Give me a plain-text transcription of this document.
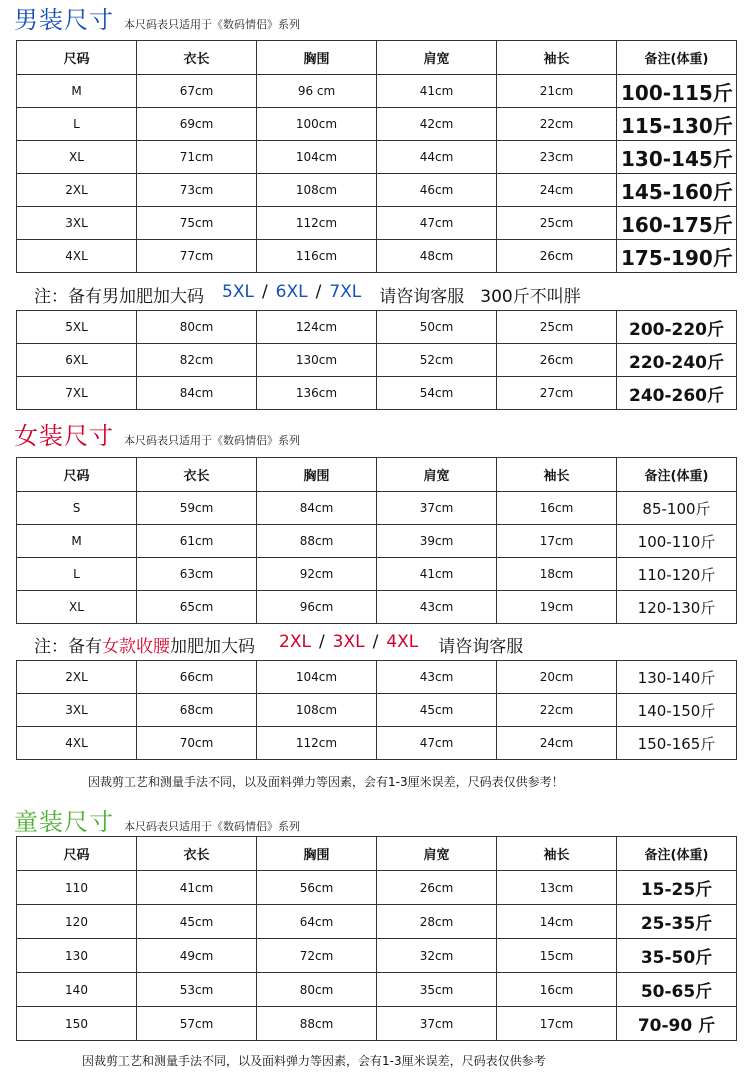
男装尺寸 本尺码表只适用于《数码情侣》系列
尺码	衣长	胸围	肩宽	袖长	备注(体重)
M	67cm	96 cm	41cm	21cm	100-115斤
L	69cm	100cm	42cm	22cm	115-130斤
XL	71cm	104cm	44cm	23cm	130-145斤
2XL	73cm	108cm	46cm	24cm	145-160斤
3XL	75cm	112cm	47cm	25cm	160-175斤
4XL	77cm	116cm	48cm	26cm	175-190斤
注：备有男加肥加大码 5XL / 6XL / 7XL 请咨询客服 300斤不叫胖
5XL	80cm	124cm	50cm	25cm	200-220斤
6XL	82cm	130cm	52cm	26cm	220-240斤
7XL	84cm	136cm	54cm	27cm	240-260斤
女装尺寸 本尺码表只适用于《数码情侣》系列
尺码	衣长	胸围	肩宽	袖长	备注(体重)
S	59cm	84cm	37cm	16cm	85-100斤
M	61cm	88cm	39cm	17cm	100-110斤
L	63cm	92cm	41cm	18cm	110-120斤
XL	65cm	96cm	43cm	19cm	120-130斤
注：备有女款收腰加肥加大码 2XL / 3XL / 4XL 请咨询客服
2XL	66cm	104cm	43cm	20cm	130-140斤
3XL	68cm	108cm	45cm	22cm	140-150斤
4XL	70cm	112cm	47cm	24cm	150-165斤
因裁剪工艺和测量手法不同，以及面料弹力等因素，会有1-3厘米误差，尺码表仅供参考！
童装尺寸 本尺码表只适用于《数码情侣》系列
尺码	衣长	胸围	肩宽	袖长	备注(体重)
110	41cm	56cm	26cm	13cm	15-25斤
120	45cm	64cm	28cm	14cm	25-35斤
130	49cm	72cm	32cm	15cm	35-50斤
140	53cm	80cm	35cm	16cm	50-65斤
150	57cm	88cm	37cm	17cm	70-90 斤
因裁剪工艺和测量手法不同，以及面料弹力等因素，会有1-3厘米误差，尺码表仅供参考
